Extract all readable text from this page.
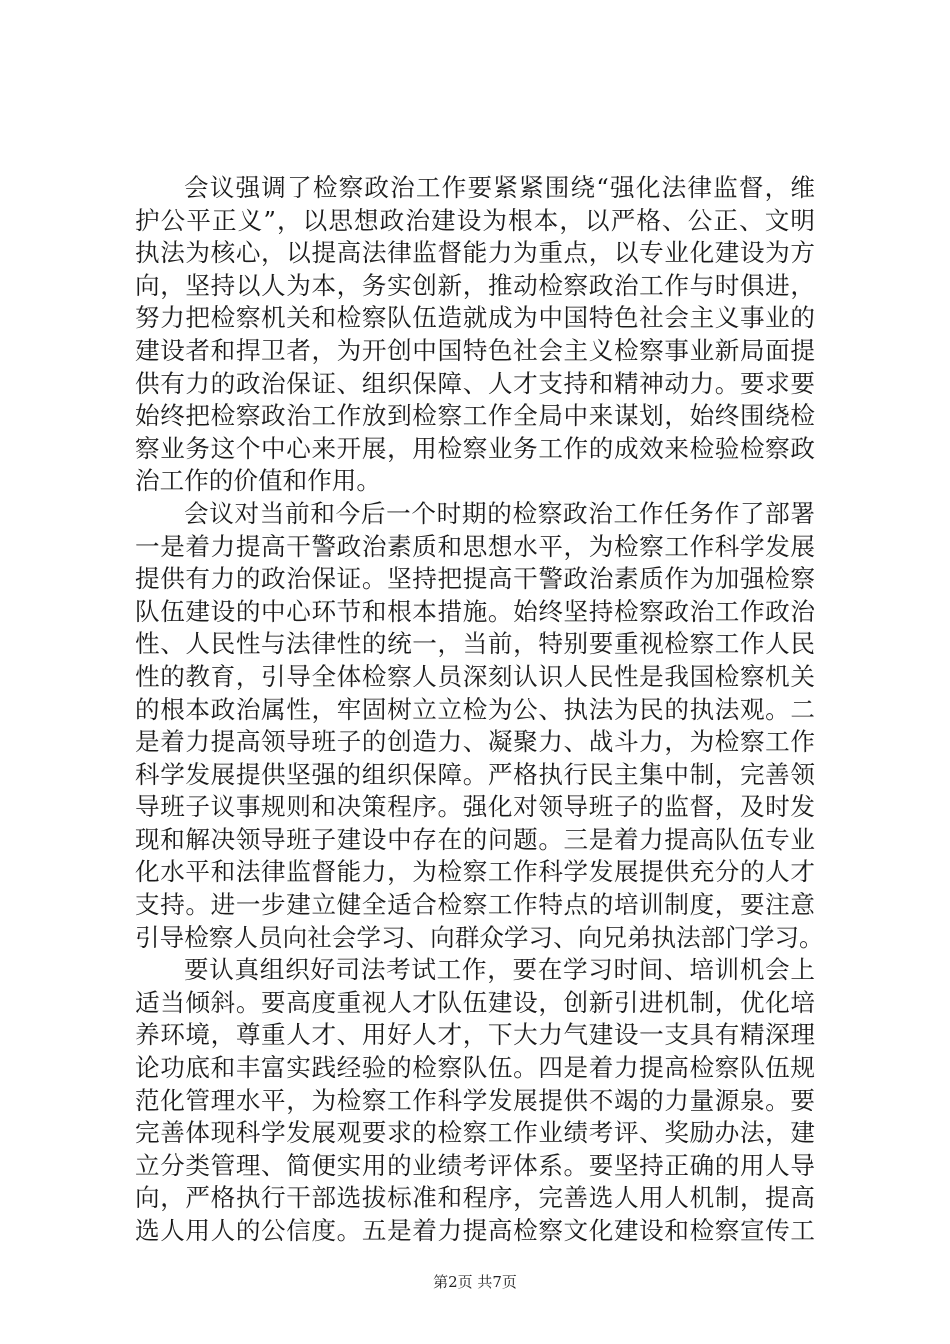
会议强调了检察政治工作要紧紧围绕“强化法律监督，维
护公平正义”，以思想政治建设为根本，以严格、公正、文明
执法为核心，以提高法律监督能力为重点，以专业化建设为方
向，坚持以人为本，务实创新，推动检察政治工作与时俱进，
努力把检察机关和检察队伍造就成为中国特色社会主义事业的
建设者和捍卫者，为开创中国特色社会主义检察事业新局面提
供有力的政治保证、组织保障、人才支持和精神动力。要求要
始终把检察政治工作放到检察工作全局中来谋划，始终围绕检
察业务这个中心来开展，用检察业务工作的成效来检验检察政
治工作的价值和作用。
会议对当前和今后一个时期的检察政治工作任务作了部署
一是着力提高干警政治素质和思想水平，为检察工作科学发展
提供有力的政治保证。坚持把提高干警政治素质作为加强检察
队伍建设的中心环节和根本措施。始终坚持检察政治工作政治
性、人民性与法律性的统一，当前，特别要重视检察工作人民
性的教育，引导全体检察人员深刻认识人民性是我国检察机关
的根本政治属性，牢固树立立检为公、执法为民的执法观。二
是着力提高领导班子的创造力、凝聚力、战斗力，为检察工作
科学发展提供坚强的组织保障。严格执行民主集中制，完善领
导班子议事规则和决策程序。强化对领导班子的监督，及时发
现和解决领导班子建设中存在的问题。三是着力提高队伍专业
化水平和法律监督能力，为检察工作科学发展提供充分的人才
支持。进一步建立健全适合检察工作特点的培训制度，要注意
引导检察人员向社会学习、向群众学习、向兄弟执法部门学习。
要认真组织好司法考试工作，要在学习时间、培训机会上
适当倾斜。要高度重视人才队伍建设，创新引进机制，优化培
养环境，尊重人才、用好人才，下大力气建设一支具有精深理
论功底和丰富实践经验的检察队伍。四是着力提高检察队伍规
范化管理水平，为检察工作科学发展提供不竭的力量源泉。要
完善体现科学发展观要求的检察工作业绩考评、奖励办法，建
立分类管理、简便实用的业绩考评体系。要坚持正确的用人导
向，严格执行干部选拔标准和程序，完善选人用人机制，提高
选人用人的公信度。五是着力提高检察文化建设和检察宣传工
第2页 共7页
